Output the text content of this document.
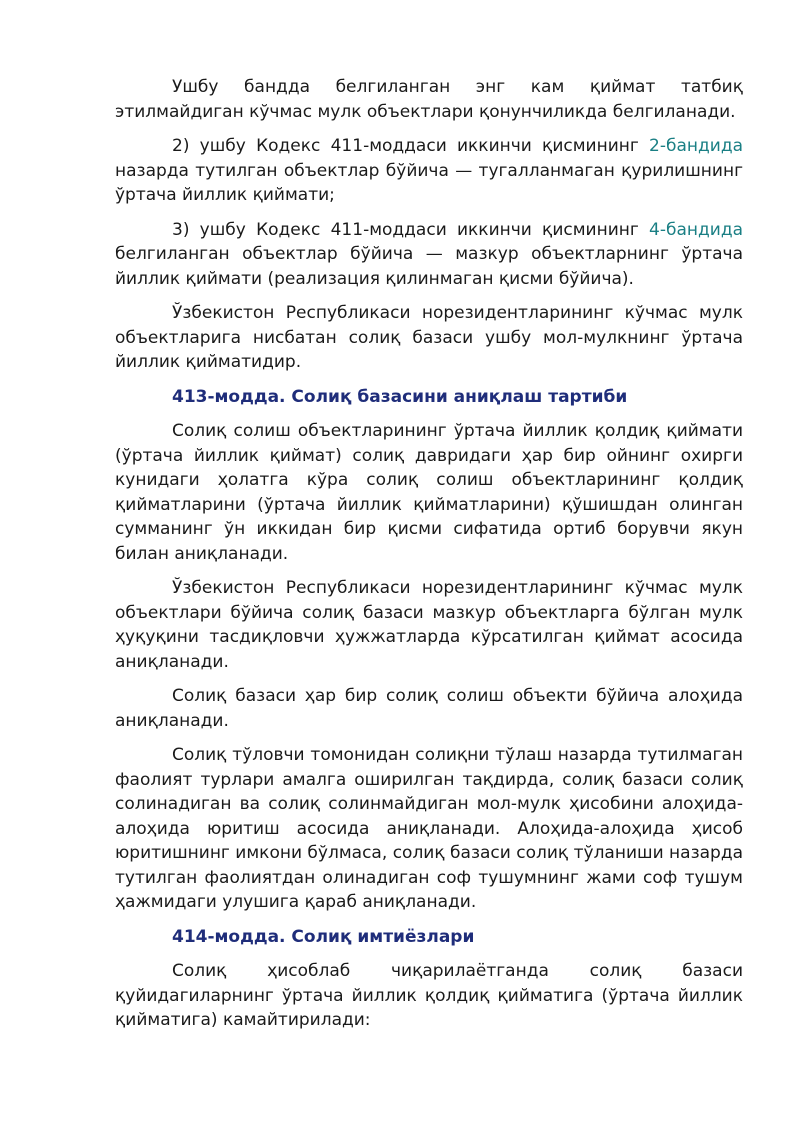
Ушбу бандда белгиланган энг кам қиймат татбиқ этилмайдиган кўчмас мулк объектлари қонунчиликда белгиланади.

2) ушбу Кодекс 411-моддаси иккинчи қисмининг 2-бандида назарда тутилган объектлар бўйича — тугалланмаган қурилишнинг ўртача йиллик қиймати;

3) ушбу Кодекс 411-моддаси иккинчи қисмининг 4-бандида белгиланган объектлар бўйича — мазкур объектларнинг ўртача йиллик қиймати (реализация қилинмаган қисми бўйича).

Ўзбекистон Республикаси норезидентларининг кўчмас мулк объектларига нисбатан солиқ базаси ушбу мол-мулкнинг ўртача йиллик қийматидир.

413-модда. Солиқ базасини аниқлаш тартиби

Солиқ солиш объектларининг ўртача йиллик қолдиқ қиймати (ўртача йиллик қиймат) солиқ давридаги ҳар бир ойнинг охирги кунидаги ҳолатга кўра солиқ солиш объектларининг қолдиқ қийматларини (ўртача йиллик қийматларини) қўшишдан олинган сумманинг ўн иккидан бир қисми сифатида ортиб борувчи якун билан аниқланади.

Ўзбекистон Республикаси норезидентларининг кўчмас мулк объектлари бўйича солиқ базаси мазкур объектларга бўлган мулк ҳуқуқини тасдиқловчи ҳужжатларда кўрсатилган қиймат асосида аниқланади.

Солиқ базаси ҳар бир солиқ солиш объекти бўйича алоҳида аниқланади.

Солиқ тўловчи томонидан солиқни тўлаш назарда тутилмаган фаолият турлари амалга оширилган тақдирда, солиқ базаси солиқ солинадиган ва солиқ солинмайдиган мол-мулк ҳисобини алоҳида-алоҳида юритиш асосида аниқланади. Алоҳида-алоҳида ҳисоб юритишнинг имкони бўлмаса, солиқ базаси солиқ тўланиши назарда тутилган фаолиятдан олинадиган соф тушумнинг жами соф тушум ҳажмидаги улушига қараб аниқланади.

414-модда. Солиқ имтиёзлари

Солиқ ҳисоблаб чиқарилаётганда солиқ базаси қуйидагиларнинг ўртача йиллик қолдиқ қийматига (ўртача йиллик қийматига) камайтирилади:
